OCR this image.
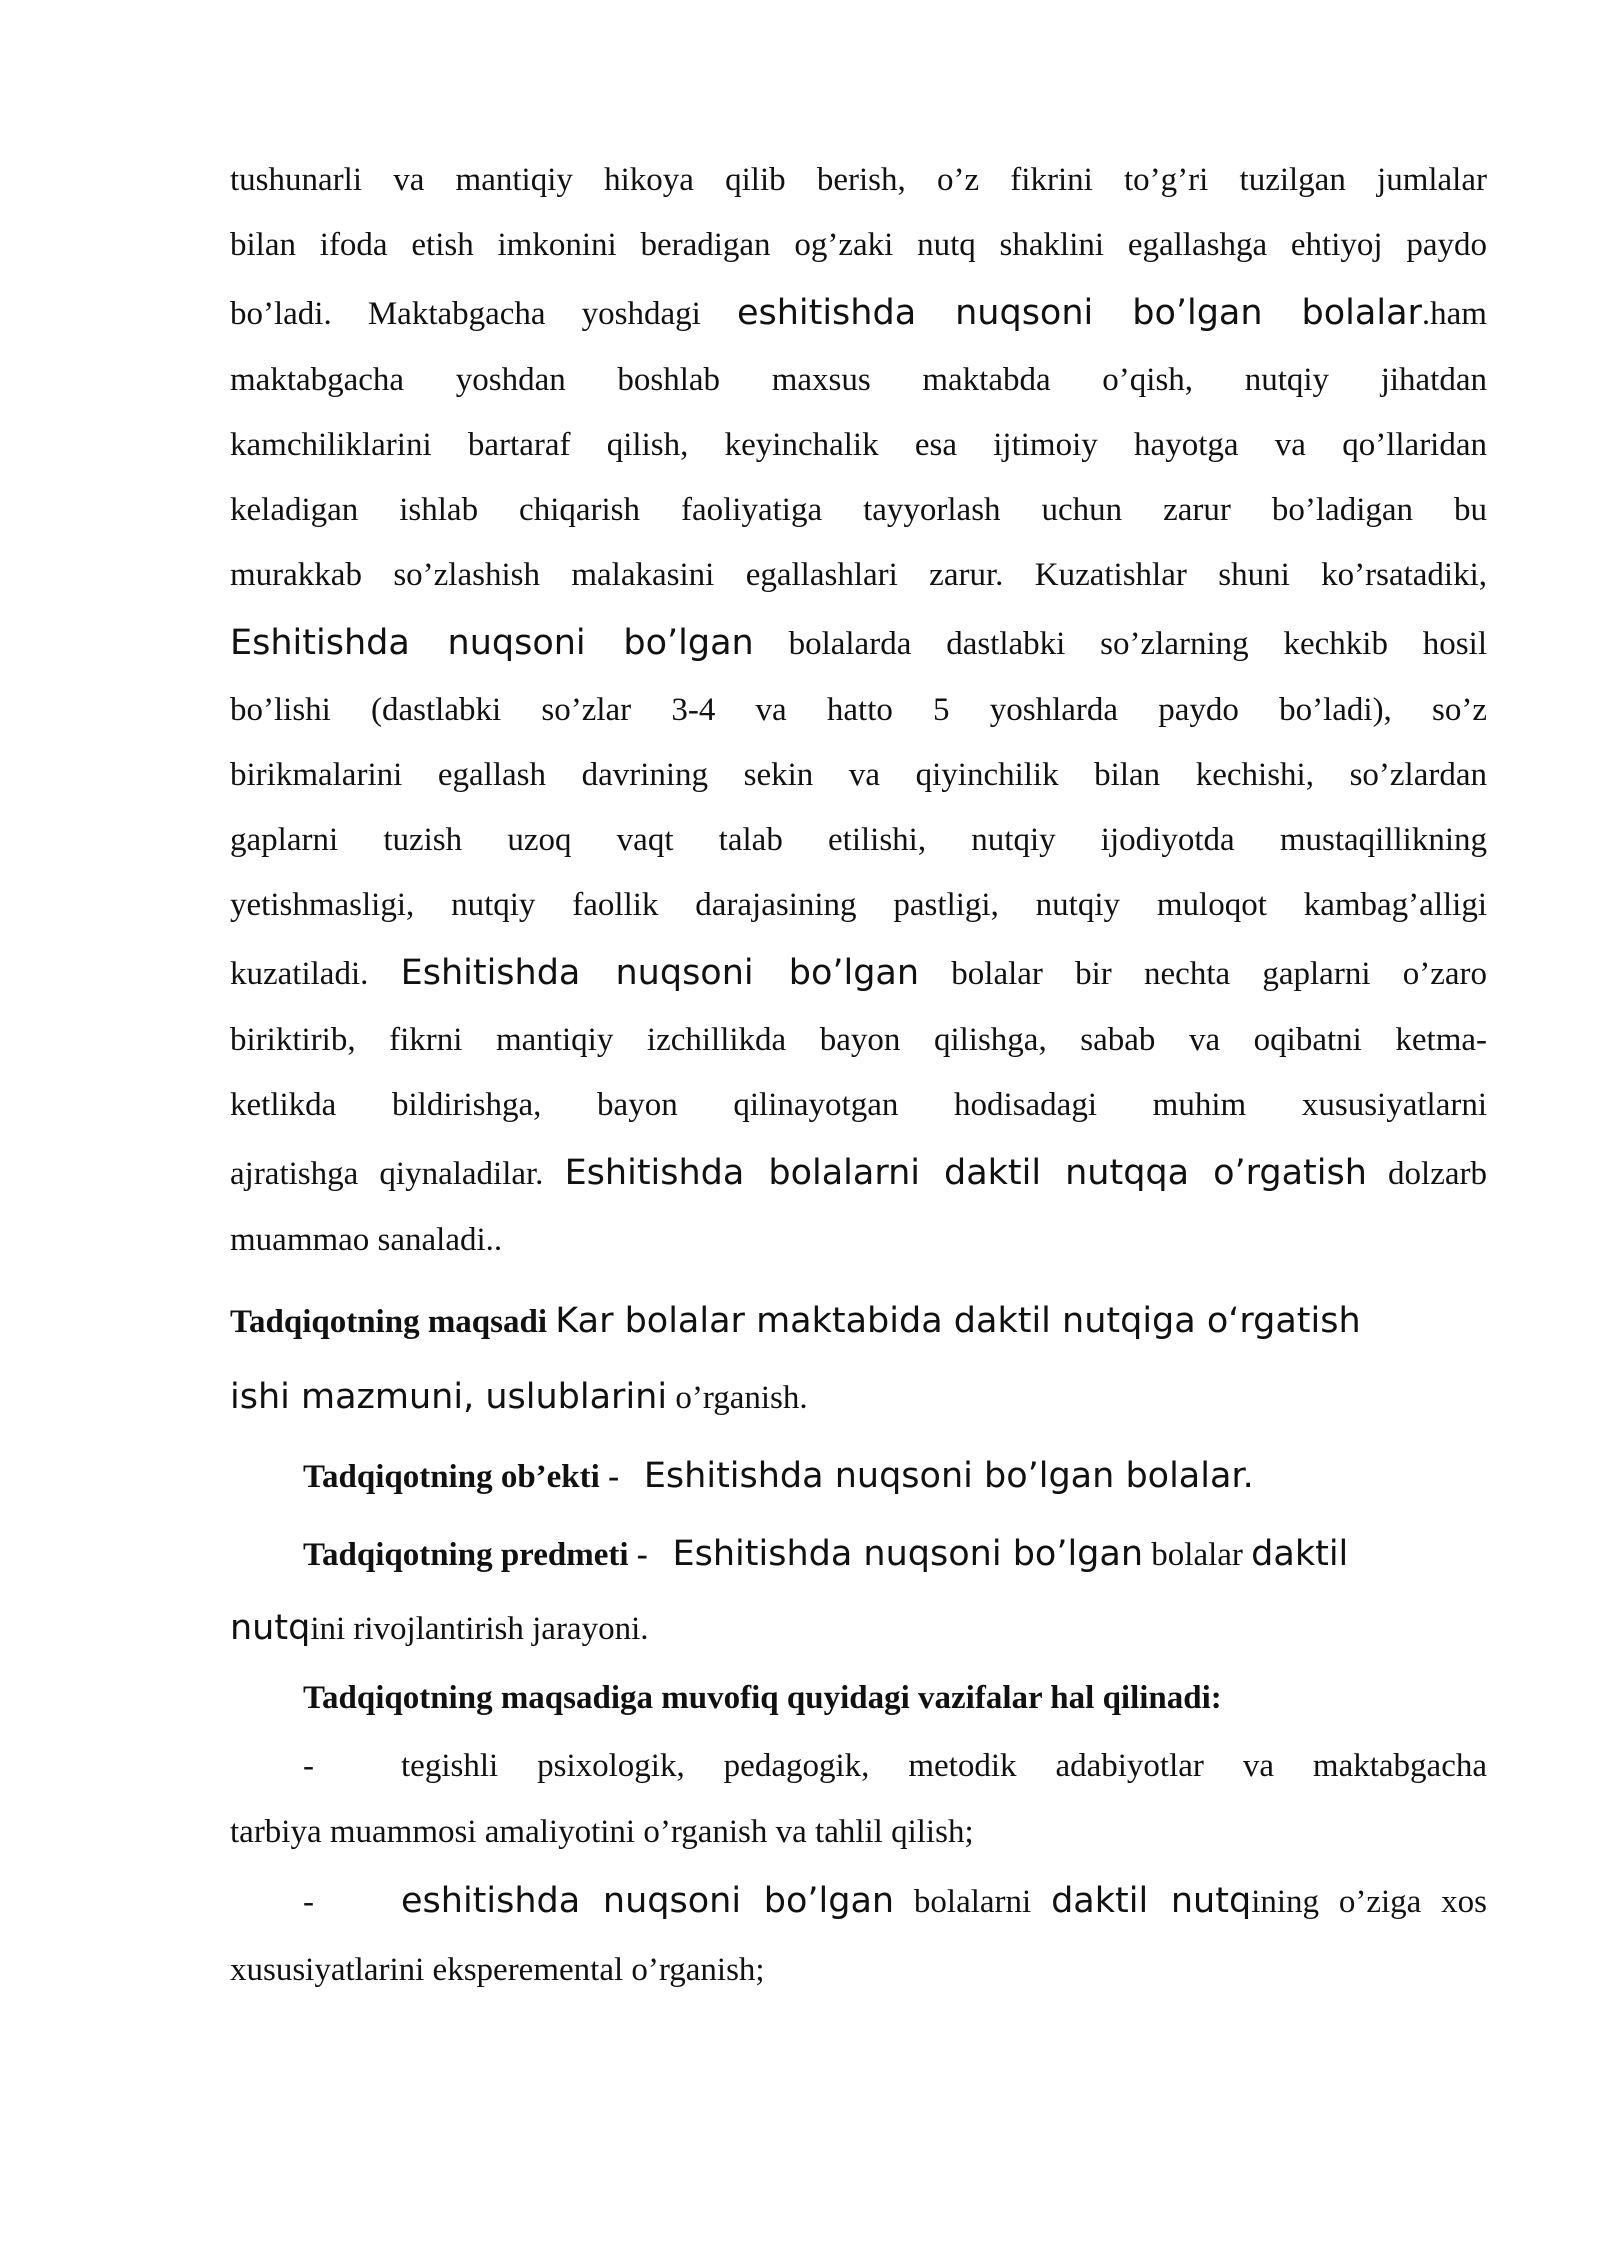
tushunarli va mantiqiy hikoya qilib berish, o’z fikrini to’g’ri tuzilgan jumlalar
bilan ifoda etish imkonini beradigan og’zaki nutq shaklini egallashga ehtiyoj paydo
bo’ladi. Maktabgacha yoshdagi eshitishda nuqsoni bo’lgan bolalar.ham
maktabgacha yoshdan boshlab maxsus maktabda o’qish, nutqiy jihatdan
kamchiliklarini bartaraf qilish, keyinchalik esa ijtimoiy hayotga va qo’llaridan
keladigan ishlab chiqarish faoliyatiga tayyorlash uchun zarur bo’ladigan bu
murakkab so’zlashish malakasini egallashlari zarur. Kuzatishlar shuni ko’rsatadiki,
Eshitishda nuqsoni bo’lgan bolalarda dastlabki so’zlarning kechkib hosil
bo’lishi (dastlabki so’zlar 3-4 va hatto 5 yoshlarda paydo bo’ladi), so’z
birikmalarini egallash davrining sekin va qiyinchilik bilan kechishi, so’zlardan
gaplarni tuzish uzoq vaqt talab etilishi, nutqiy ijodiyotda mustaqillikning
yetishmasligi, nutqiy faollik darajasining pastligi, nutqiy muloqot kambag’alligi
kuzatiladi. Eshitishda nuqsoni bo’lgan bolalar bir nechta gaplarni o’zaro
biriktirib, fikrni mantiqiy izchillikda bayon qilishga, sabab va oqibatni ketma-
ketlikda bildirishga, bayon qilinayotgan hodisadagi muhim xususiyatlarni
ajratishga qiynaladilar. Eshitishda bolalarni daktil nutqqa o’rgatish dolzarb
muammao sanaladi..
Tadqiqotning maqsadi Kar bolalar maktabida daktil nutqiga o‘rgatish
ishi mazmuni, uslublarini o’rganish.
Tadqiqotning ob’ekti - Eshitishda nuqsoni bo’lgan bolalar.
Tadqiqotning predmeti - Eshitishda nuqsoni bo’lgan bolalar daktil
nutqini rivojlantirish jarayoni.
Tadqiqotning maqsadiga muvofiq quyidagi vazifalar hal qilinadi:
-	tegishli psixologik, pedagogik, metodik adabiyotlar va maktabgacha
tarbiya muammosi amaliyotini o’rganish va tahlil qilish;
- eshitishda nuqsoni bo’lgan bolalarni daktil nutqining o’ziga xos
xususiyatlarini eksperemental o’rganish;
